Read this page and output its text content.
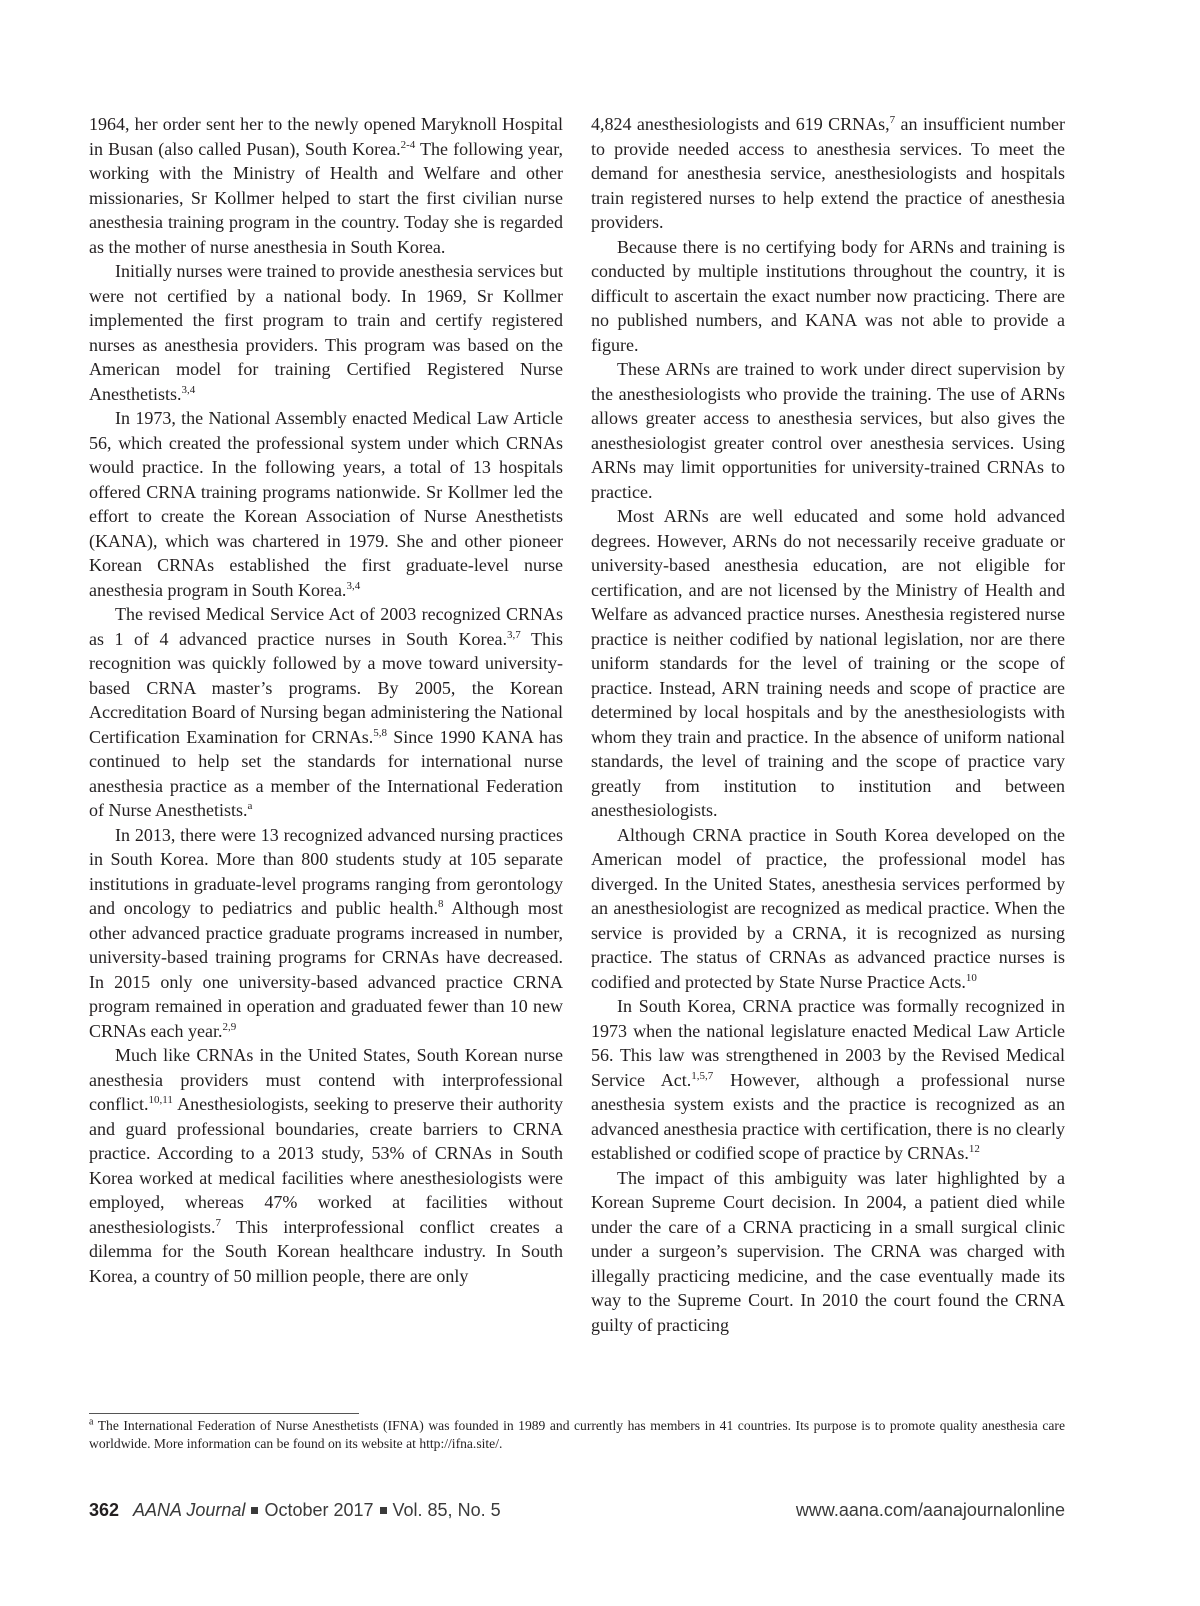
1964, her order sent her to the newly opened Maryknoll Hospital in Busan (also called Pusan), South Korea.$^{2-4}$ The following year, working with the Ministry of Health and Welfare and other missionaries, Sr Kollmer helped to start the first civilian nurse anesthesia training program in the country. Today she is regarded as the mother of nurse anesthesia in South Korea.

Initially nurses were trained to provide anesthesia services but were not certified by a national body. In 1969, Sr Kollmer implemented the first program to train and certify registered nurses as anesthesia providers. This program was based on the American model for training Certified Registered Nurse Anesthetists.$^{3,4}$

In 1973, the National Assembly enacted Medical Law Article 56, which created the professional system under which CRNAs would practice. In the following years, a total of 13 hospitals offered CRNA training programs nationwide. Sr Kollmer led the effort to create the Korean Association of Nurse Anesthetists (KANA), which was chartered in 1979. She and other pioneer Korean CRNAs established the first graduate-level nurse anesthesia program in South Korea.$^{3,4}$

The revised Medical Service Act of 2003 recognized CRNAs as 1 of 4 advanced practice nurses in South Korea.$^{3,7}$ This recognition was quickly followed by a move toward university-based CRNA master’s programs. By 2005, the Korean Accreditation Board of Nursing began administering the National Certification Examination for CRNAs.$^{5,8}$ Since 1990 KANA has continued to help set the standards for international nurse anesthesia practice as a member of the International Federation of Nurse Anesthetists.$^a$

In 2013, there were 13 recognized advanced nursing practices in South Korea. More than 800 students study at 105 separate institutions in graduate-level programs ranging from gerontology and oncology to pediatrics and public health.$^8$ Although most other advanced practice graduate programs increased in number, university-based training programs for CRNAs have decreased. In 2015 only one university-based advanced practice CRNA program remained in operation and graduated fewer than 10 new CRNAs each year.$^{2,9}$

Much like CRNAs in the United States, South Korean nurse anesthesia providers must contend with interprofessional conflict.$^{10,11}$ Anesthesiologists, seeking to preserve their authority and guard professional boundaries, create barriers to CRNA practice. According to a 2013 study, 53% of CRNAs in South Korea worked at medical facilities where anesthesiologists were employed, whereas 47% worked at facilities without anesthesiologists.$^7$ This interprofessional conflict creates a dilemma for the South Korean healthcare industry. In South Korea, a country of 50 million people, there are only

4,824 anesthesiologists and 619 CRNAs,$^7$ an insufficient number to provide needed access to anesthesia services. To meet the demand for anesthesia service, anesthesiologists and hospitals train registered nurses to help extend the practice of anesthesia providers.

Because there is no certifying body for ARNs and training is conducted by multiple institutions throughout the country, it is difficult to ascertain the exact number now practicing. There are no published numbers, and KANA was not able to provide a figure.

These ARNs are trained to work under direct supervision by the anesthesiologists who provide the training. The use of ARNs allows greater access to anesthesia services, but also gives the anesthesiologist greater control over anesthesia services. Using ARNs may limit opportunities for university-trained CRNAs to practice.

Most ARNs are well educated and some hold advanced degrees. However, ARNs do not necessarily receive graduate or university-based anesthesia education, are not eligible for certification, and are not licensed by the Ministry of Health and Welfare as advanced practice nurses. Anesthesia registered nurse practice is neither codified by national legislation, nor are there uniform standards for the level of training or the scope of practice. Instead, ARN training needs and scope of practice are determined by local hospitals and by the anesthesiologists with whom they train and practice. In the absence of uniform national standards, the level of training and the scope of practice vary greatly from institution to institution and between anesthesiologists.

Although CRNA practice in South Korea developed on the American model of practice, the professional model has diverged. In the United States, anesthesia services performed by an anesthesiologist are recognized as medical practice. When the service is provided by a CRNA, it is recognized as nursing practice. The status of CRNAs as advanced practice nurses is codified and protected by State Nurse Practice Acts.$^{10}$

In South Korea, CRNA practice was formally recognized in 1973 when the national legislature enacted Medical Law Article 56. This law was strengthened in 2003 by the Revised Medical Service Act.$^{1,5,7}$ However, although a professional nurse anesthesia system exists and the practice is recognized as an advanced anesthesia practice with certification, there is no clearly established or codified scope of practice by CRNAs.$^{12}$

The impact of this ambiguity was later highlighted by a Korean Supreme Court decision. In 2004, a patient died while under the care of a CRNA practicing in a small surgical clinic under a surgeon’s supervision. The CRNA was charged with illegally practicing medicine, and the case eventually made its way to the Supreme Court. In 2010 the court found the CRNA guilty of practicing

$^a$ The International Federation of Nurse Anesthetists (IFNA) was founded in 1989 and currently has members in 41 countries. Its purpose is to promote quality anesthesia care worldwide. More information can be found on its website at http://ifna.site/.
362 AANA Journal October 2017 Vol. 85, No. 5	www.aana.com/aanajournalonline
